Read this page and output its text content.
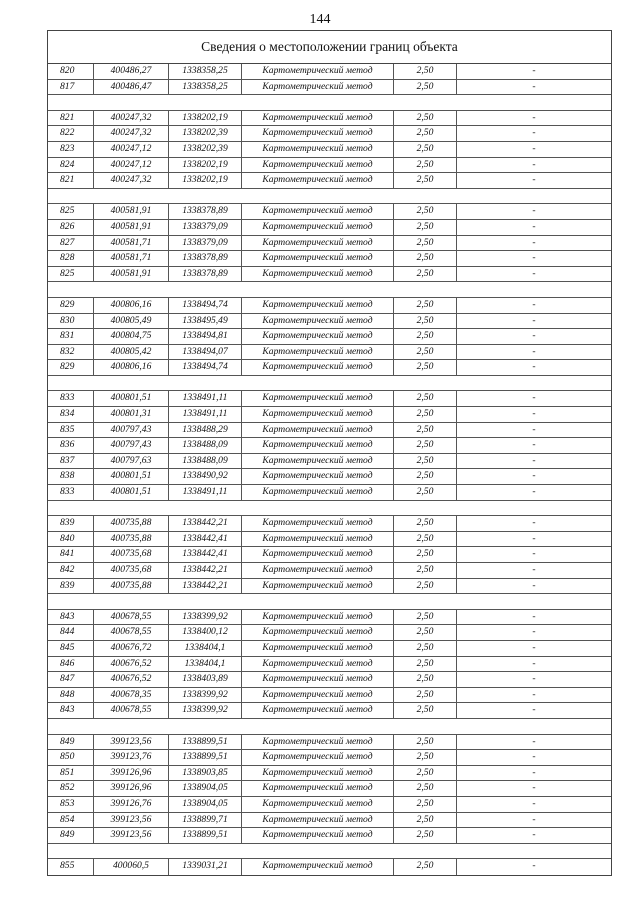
144
Сведения о местоположении границ объекта
820	400486,27	1338358,25	Картометрический метод	2,50	-
817	400486,47	1338358,25	Картометрический метод	2,50	-
821	400247,32	1338202,19	Картометрический метод	2,50	-
822	400247,32	1338202,39	Картометрический метод	2,50	-
823	400247,12	1338202,39	Картометрический метод	2,50	-
824	400247,12	1338202,19	Картометрический метод	2,50	-
821	400247,32	1338202,19	Картометрический метод	2,50	-
825	400581,91	1338378,89	Картометрический метод	2,50	-
826	400581,91	1338379,09	Картометрический метод	2,50	-
827	400581,71	1338379,09	Картометрический метод	2,50	-
828	400581,71	1338378,89	Картометрический метод	2,50	-
825	400581,91	1338378,89	Картометрический метод	2,50	-
829	400806,16	1338494,74	Картометрический метод	2,50	-
830	400805,49	1338495,49	Картометрический метод	2,50	-
831	400804,75	1338494,81	Картометрический метод	2,50	-
832	400805,42	1338494,07	Картометрический метод	2,50	-
829	400806,16	1338494,74	Картометрический метод	2,50	-
833	400801,51	1338491,11	Картометрический метод	2,50	-
834	400801,31	1338491,11	Картометрический метод	2,50	-
835	400797,43	1338488,29	Картометрический метод	2,50	-
836	400797,43	1338488,09	Картометрический метод	2,50	-
837	400797,63	1338488,09	Картометрический метод	2,50	-
838	400801,51	1338490,92	Картометрический метод	2,50	-
833	400801,51	1338491,11	Картометрический метод	2,50	-
839	400735,88	1338442,21	Картометрический метод	2,50	-
840	400735,88	1338442,41	Картометрический метод	2,50	-
841	400735,68	1338442,41	Картометрический метод	2,50	-
842	400735,68	1338442,21	Картометрический метод	2,50	-
839	400735,88	1338442,21	Картометрический метод	2,50	-
843	400678,55	1338399,92	Картометрический метод	2,50	-
844	400678,55	1338400,12	Картометрический метод	2,50	-
845	400676,72	1338404,1	Картометрический метод	2,50	-
846	400676,52	1338404,1	Картометрический метод	2,50	-
847	400676,52	1338403,89	Картометрический метод	2,50	-
848	400678,35	1338399,92	Картометрический метод	2,50	-
843	400678,55	1338399,92	Картометрический метод	2,50	-
849	399123,56	1338899,51	Картометрический метод	2,50	-
850	399123,76	1338899,51	Картометрический метод	2,50	-
851	399126,96	1338903,85	Картометрический метод	2,50	-
852	399126,96	1338904,05	Картометрический метод	2,50	-
853	399126,76	1338904,05	Картометрический метод	2,50	-
854	399123,56	1338899,71	Картометрический метод	2,50	-
849	399123,56	1338899,51	Картометрический метод	2,50	-
855	400060,5	1339031,21	Картометрический метод	2,50	-
